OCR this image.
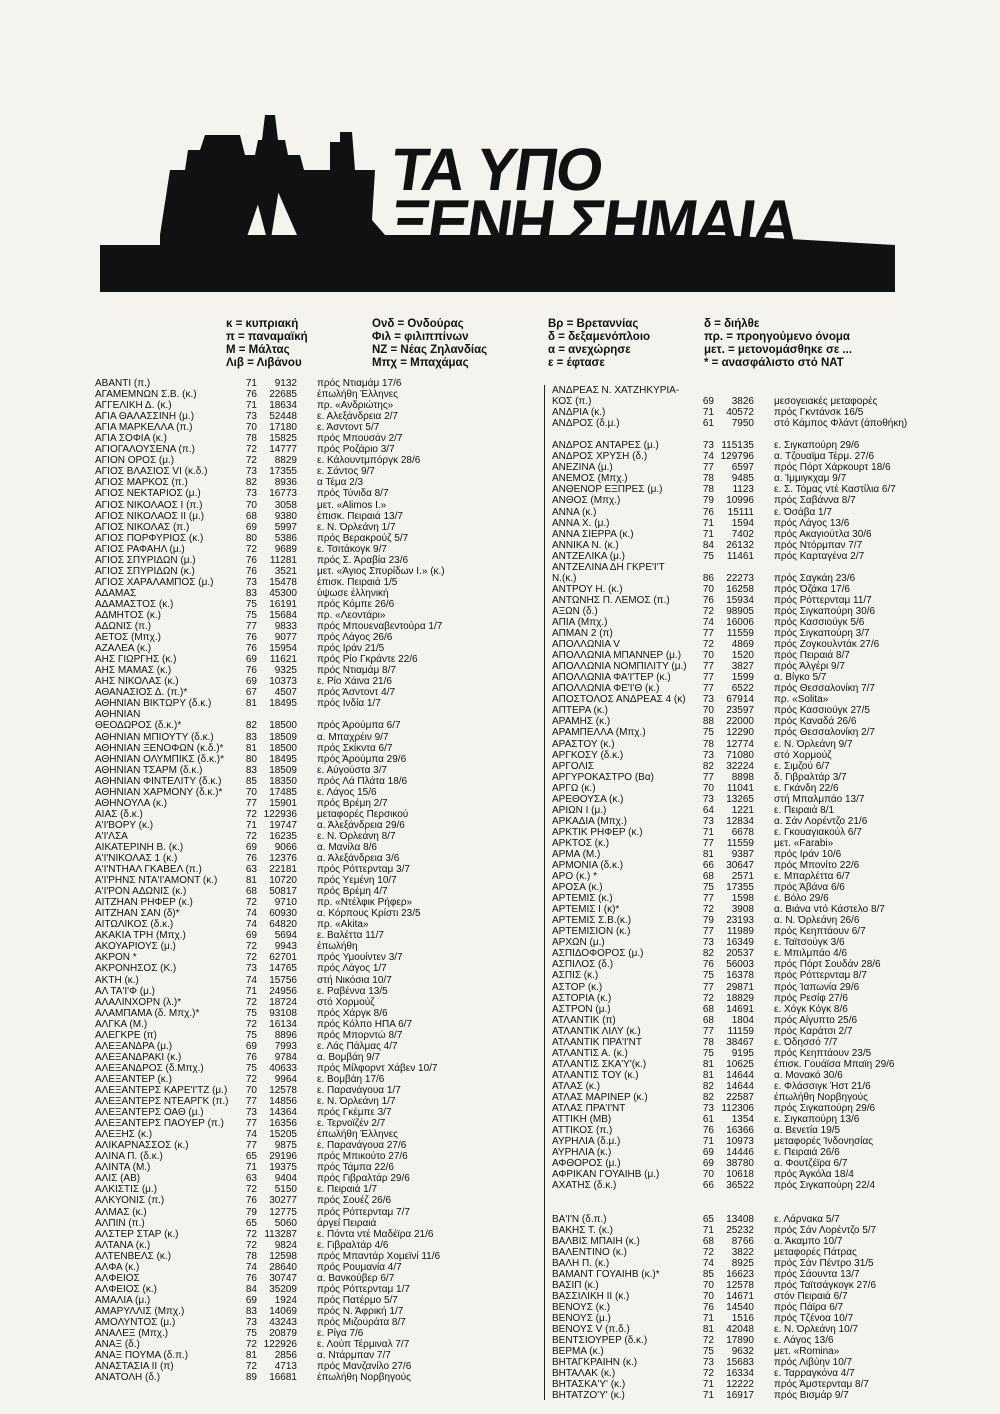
ΤΑ ΥΠΟ
ΞΕΝΗ ΣΗΜΑΙΑ
κ = κυπριακή
π = παναμαϊκή
Μ = Μάλτας
Λιβ = Λιβάνου
Ονδ = Ονδούρας
Φιλ = φιλιππίνων
ΝΖ = Νέας Ζηλανδίας
Μπχ = Μπαχάμας
Βρ = Βρεταννίας
δ = δεξαμενόπλοιο
α = ανεχώρησε
ε = έφτασε
δ = διήλθε
πρ. = προηγούμενο όνομα
μετ. = μετονομάσθηκε σε ...
* = ανασφάλιστο στό ΝΑΤ
ΑΒΑΝΤΙ (π.)	71	9132	πρός Ντιαμάμ 17/6
ΑΓΑΜΕΜΝΩΝ Σ.Β. (κ.)	76	22685	έπωλήθη Έλληνες
ΑΓΓΕΛΙΚΗ Δ. (κ.)	71	18634	πρ. «Ανδριώτης»
ΑΓΙΑ ΘΑΛΑΣΣΙΝΗ (μ.)	73	52448	ε. Αλεξάνδρεια 2/7
ΑΓΙΑ ΜΑΡΚΕΛΛΑ (π.)	70	17180	ε. Άσντοντ 5/7
ΑΓΙΑ ΣΟΦΙΑ (κ.)	78	15825	πρός Μπουσάν 2/7
ΑΓΙΟΓΑΛΟΥΣΕΝΑ (π.)	72	14777	πρός Ροζάριο 3/7
ΑΓΙΟΝ ΟΡΟΣ (μ.)	72	8829	ε. Κάλουντμπόργκ 28/6
ΑΓΙΟΣ ΒΛΑΣΙΟΣ VI (κ.δ.)	73	17355	ε. Σάντος 9/7
ΑΓΙΟΣ ΜΑΡΚΟΣ (π.)	82	8936	α Τέμα 2/3
ΑΓΙΟΣ ΝΕΚΤΑΡΙΟΣ (μ.)	73	16773	πρός Τύνιδα 8/7
ΑΓΙΟΣ ΝΙΚΟΛΑΟΣ Ι (π.)	70	3058	μετ. «Alimos I.»
ΑΓΙΟΣ ΝΙΚΟΛΑΟΣ ΙΙ (μ.)	68	9380	έπισκ. Πειραιά 13/7
ΑΓΙΟΣ ΝΙΚΟΛΑΣ (π.)	69	5997	ε. Ν. Όρλεάνη 1/7
ΑΓΙΟΣ ΠΟΡΦΥΡΙΟΣ (κ.)	80	5386	πρός Βερακρούζ 5/7
ΑΓΙΟΣ ΡΑΦΑΗΛ (μ.)	72	9689	ε. Τσιτάκογκ 9/7
ΑΓΙΟΣ ΣΠΥΡΙΔΩΝ (μ.)	76	11281	πρός Σ. Άραβία 23/6
ΑΓΙΟΣ ΣΠΥΡΙΔΩΝ (κ.)	76	3521	μετ. «Άγιος Σπυρίδων Ι.» (κ.)
ΑΓΙΟΣ ΧΑΡΑΛΑΜΠΟΣ (μ.)	73	15478	έπισκ. Πειραιά 1/5
ΑΔΑΜΑΣ	83	45300	ύψωσε έλληνική
ΑΔΑΜΑΣΤΟΣ (κ.)	75	16191	πρός Κόμπε 26/6
ΑΔΜΗΤΟΣ (κ.)	75	15684	πρ. «Λεοντάρι»
ΑΔΩΝΙΣ (π.)	77	9833	πρός Μπουεναβεντούρα 1/7
ΑΕΤΟΣ (Μπχ.)	76	9077	πρός Λάγος 26/6
ΑΖΑΛΕΑ (κ.)	76	15954	πρός Ιράν 21/5
ΑΗΣ ΓΙΩΡΓΗΣ (κ.)	69	11621	πρός Ρίο Γκράντε 22/6
ΑΗΣ ΜΑΜΑΣ (κ.)	76	9325	πρός Ντιαμάμ 8/7
ΑΗΣ ΝΙΚΟΛΑΣ (κ.)	69	10373	ε. Ρίο Χάινα 21/6
ΑΘΑΝΑΣΙΟΣ Δ. (π.)*	67	4507	πρός Άσντοντ 4/7
ΑΘΗΝΙΑΝ ΒΙΚΤΩΡΥ (δ.κ.)	81	18495	πρός Ινδία 1/7
ΑΘΗΝΙΑΝ
ΘΕΟΔΩΡΟΣ (δ.κ.)*	82	18500	πρός Άρούμπα 6/7
ΑΘΗΝΙΑΝ ΜΠΙΟΥΤΥ (δ.κ.)	83	18509	α. Μπαχρέιν 9/7
ΑΘΗΝΙΑΝ ΞΕΝΟΦΩΝ (κ.δ.)*	81	18500	πρός Σκίκντα 6/7
ΑΘΗΝΙΑΝ ΟΛΥΜΠΙΚΣ (δ.κ.)*	80	18495	πρός Άρούμπα 29/6
ΑΘΗΝΙΑΝ ΤΣΑΡΜ (δ.κ.)	83	18509	ε. Αύγούστα 3/7
ΑΘΗΝΙΑΝ ΦΙΝΤΕΛΙΤΥ (δ.κ.)	85	18350	πρός Λά Πλάτα 18/6
ΑΘΗΝΙΑΝ ΧΑΡΜΟΝΥ (δ.κ.)*	70	17485	ε. Λάγος 15/6
ΑΘΗΝΟΥΛΑ (κ.)	77	15901	πρός Βρέμη 2/7
ΑΙΑΣ (δ.κ.)	72 122936	μεταφορές Περσικού
Α'Ι'ΒΟΡΥ (κ.)	71	19747	α. Άλεξάνδρεια 29/6
Α'Ι'ΛΣΑ	72	16235	ε. Ν. Όρλεάνη 8/7
ΑΙΚΑΤΕΡΙΝΗ Β. (κ.)	69	9066	α. Μανίλα 8/6
Α'Ι'ΝΙΚΟΛΑΣ 1 (κ.)	76	12376	α. Άλεξάνδρεια 3/6
Α'Ι'ΝΤΗΑΛ ΓΚΑΒΕΛ (π.)	63	22181	πρός Ρόττερνταμ 3/7
Α'Ι'ΡΗΝΣ ΝΤΑ'Ι'ΑΜΟΝΤ (κ.)	81	10720	πρός Υεμένη 10/7
Α'Ι'ΡΟΝ ΑΔΩΝΙΣ (κ.)	68	50817	πρός Βρέμη 4/7
ΑΙΤΖΗΑΝ ΡΗΦΕΡ (κ.)	72	9710	πρ. «Ντέλφικ Ρήφερ»
ΑΙΤΖΗΑΝ ΣΑΝ (δ)*	74	60930	α. Κόρπους Κρίστι 23/5
ΑΙΤΩΛΙΚΟΣ (δ.κ.)	74	64820	πρ. «Akita»
ΑΚΑΚΙΑ ΤΡΗ (Μπχ.)	69	5694	ε. Βαλέττα 11/7
ΑΚΟΥΑΡΙΟΥΣ (μ.)	72	9943	έπωλήθη
ΑΚΡΟΝ *	72	62701	πρός Υμουίντεν 3/7
ΑΚΡΟΝΗΣΟΣ (Κ.)	73	14765	πρός Λάγος 1/7
ΑΚΤΗ (κ.)	74	15756	στή Νικόσια 10/7
ΑΛ ΤΑ'Ι'Φ (μ.)	71	24956	ε. Ραβέννα 13/5
ΑΛΑΛΙΝΧΟΡΝ (λ.)*	72	18724	στό Χορμούζ
ΑΛΑΜΠΑΜΑ (δ. Μπχ.)*	75	93108	πρός Χάργκ 8/6
ΑΛΓΚΑ (Μ.)	72	16134	πρός Κόλπο ΗΠΑ 6/7
ΑΛΕΓΚΡΕ (π)	75	8896	πρός Μπορντώ 8/7
ΑΛΕΞΑΝΔΡΑ (μ.)	69	7993	ε. Λάς Πάλμας 4/7
ΑΛΕΞΑΝΔΡΑΚΙ (κ.)	76	9784	α. Βομβάη 9/7
ΑΛΕΞΑΝΔΡΟΣ (δ.Μπχ.)	75	40633	πρός Μίλφορντ Χάβεν 10/7
ΑΛΕΞΑΝΤΕΡ (κ.)	72	9964	ε. Βομβάη 17/6
ΑΛΕΞΑΝΤΕΡΣ ΚΑΡΕ'Ι'ΤΖ (μ.)	70	12578	ε. Παρανάγουα 1/7
ΑΛΕΞΑΝΤΕΡΣ ΝΤΕΑΡΓΚ (π.)	77	14856	ε. Ν. Όρλεάνη 1/7
ΑΛΕΞΑΝΤΕΡΣ ΟΑΘ (μ.)	73	14364	πρός Γκέμπε 3/7
ΑΛΕΞΑΝΤΕΡΣ ΠΑΟΥΕΡ (π.)	77	16356	ε. Τερνοϊζέν 2/7
ΑΛΕΞΗΣ (κ.)	74	15205	έπωλήθη Έλληνες
ΑΛΙΚΑΡΝΑΣΣΟΣ (κ.)	77	9875	ε. Παρανάγουα 27/6
ΑΛΙΝΑ Π. (δ.κ.)	65	29196	πρός Μπικούτο 27/6
ΑΛΙΝΤΑ (Μ.)	71	19375	πρός Τάμπα 22/6
ΑΛΙΣ (ΑΒ)	63	9404	πρός Γιβραλτάρ 29/6
ΑΛΚΙΣΤΙΣ (μ.)	72	5150	ε. Πειραιά 1/7
ΑΛΚΥΟΝΙΣ (π.)	76	30277	πρός Σουέζ 26/6
ΑΛΜΑΣ (κ.)	79	12775	πρός Ρόττερνταμ 7/7
ΑΛΠΙΝ (π.)	65	5060	άργεί Πειραιά
ΑΛΣΤΕΡ ΣΤΑΡ (κ.)	72 113287	ε. Πόντα ντέ Μαδέϊρα 21/6
ΑΛΤΑΝΑ (κ.)	72	9824	ε. Γιβραλτάρ 4/6
ΑΛΤΕΝΒΕΛΣ (κ.)	78	12598	πρός Μπαντάρ Χομεϊνί 11/6
ΑΛΦΑ (κ.)	74	28640	πρός Ρουμανία 4/7
ΑΛΦΕΙΟΣ	76	30747	α. Βανκούβερ 6/7
ΑΛΦΕΙΟΣ (κ.)	84	35209	πρός Ρόττερνταμ 1/7
ΑΜΑΛΙΑ (μ.)	69	1924	πρός Πατέρμο 5/7
ΑΜΑΡΥΛΛΙΣ (Μπχ.)	83	14069	πρός Ν. Άφρική 1/7
ΑΜΟΛΥΝΤΟΣ (μ.)	73	43243	πρός Μιζουράτα 8/7
ΑΝΑΛΕΞ (Μπχ.)	75	20879	ε. Ρίγα 7/6
ΑΝΑΞ (δ.)	72 122926	ε. Λούπ Τέρμιναλ 7/7
ΑΝΑΞ ΠΟΥΜΑ (δ.π.)	81	2856	α. Ντάρμπαν 7/7
ΑΝΑΣΤΑΣΙΑ ΙΙ (π)	72	4713	πρός Μανζανίλο 27/6
ΑΝΑΤΟΛΗ (δ.)	89	16681	έπωλήθη Νορβηγούς
ΑΝΔΡΕΑΣ Ν. ΧΑΤΖΗΚΥΡΙΑ-
ΚΟΣ (π.)	69	3826	μεσογειακές μεταφορές
ΑΝΔΡΙΑ (κ.)	71	40572	πρός Γκντάνσκ 16/5
ΑΝΔΡΟΣ (δ.μ.)	61	7950	στό Κάμπος Φλάντ (άποθήκη)
ΑΝΔΡΟΣ ΑΝΤΑΡΕΣ (μ.)	73 115135	ε. Σιγκαπούρη 29/6
ΑΝΔΡΟΣ ΧΡΥΣΗ (δ.)	74 129796	α. Τζουαϊμα Τέρμ. 27/6
ΑΝΕΖΙΝΑ (μ.)	77	6597	πρός Πόρτ Χάρκουρτ 18/6
ΑΝΕΜΟΣ (Μπχ.)	78	9485	α. Ίμμιγκχαμ 9/7
ΑΝΘΕΝΟΡ ΕΞΠΡΕΣ (μ.)	78	1123	ε. Σ. Τόμας ντέ Καστίλια 6/7
ΑΝΘΟΣ (Μπχ.)	79	10996	πρός Σαβάννα 8/7
ΑΝΝΑ (κ.)	76	15111	ε. Όσάβα 1/7
ΑΝΝΑ Χ. (μ.)	71	1594	πρός Λάγος 13/6
ΑΝΝΑ ΣΙΕΡΡΑ (κ.)	71	7402	πρός Ακαγιούτλα 30/6
ΑΝΝΙΚΑ Ν. (κ.)	84	26132	πρός Ντόρμπαν 7/7
ΑΝΤΖΕΛΙΚΑ (μ.)	75	11461	πρός Καρταγένα 2/7
ΑΝΤΖΕΛΙΝΑ ΔΗ ΓΚΡΕ'Ι'Τ
Ν.(κ.)	86	22273	πρός Σαγκάη 23/6
ΑΝΤΡΟΥ Η. (κ.)	70	16258	πρός Όζάκα 17/6
ΑΝΤΩΝΗΣ Π. ΛΕΜΟΣ (π.)	76	15934	πρός Ρόττερνταμ 11/7
ΑΞΩΝ (δ.)	72	98905	πρός Σιγκαπούρη 30/6
ΑΠΙΑ (Μπχ.)	74	16006	πρός Κασσιούγκ 5/6
ΑΠΜΑΝ 2 (π)	77	11559	πρός Σιγκαπούρη 3/7
ΑΠΟΛΛΩΝΙΑ V	72	4869	πρός Ζογκουλντάκ 27/6
ΑΠΟΛΛΩΝΙΑ ΜΠΑΝΝΕΡ (μ.)	70	1520	πρός Πειραιά 8/7
ΑΠΟΛΛΩΝΙΑ ΝΟΜΠΙΛΙΤΥ (μ.)	77	3827	πρός Άλγέρι 9/7
ΑΠΟΛΛΩΝΙΑ ΦΑ'Ι'ΤΕΡ (κ.)	77	1599	α. Βίγκο 5/7
ΑΠΟΛΛΩΝΙΑ ΦΕ'Ι'Θ (κ.)	77	6522	πρός Θεσσαλονίκη 7/7
ΑΠΟΣΤΟΛΟΣ ΑΝΔΡΕΑΣ 4 (κ)	73	67914	πρ. «Solita»
ΑΠΤΕΡΑ (κ.)	70	23597	πρός Κασσιούγκ 27/5
ΑΡΑΜΗΣ (κ.)	88	22000	πρός Καναδά 26/6
ΑΡΑΜΠΕΛΛΑ (Μπχ.)	75	12290	πρός Θεσσαλονίκη 2/7
ΑΡΑΣΤΟΥ (κ.)	78	12774	ε. Ν. Όρλεάνη 9/7
ΑΡΓΚΟΣΥ (δ.κ.)	73	71080	στό Χορμούζ
ΑΡΓΟΛΙΣ	82	32224	ε. Σιμζού 6/7
ΑΡΓΥΡΟΚΑΣΤΡΟ (Βα)	77	8898	δ. Γιβραλτάρ 3/7
ΑΡΓΩ (κ.)	70	11041	ε. Γκάνδη 22/6
ΑΡΕΘΟΥΣΑ (κ.)	73	13265	στή Μπαλμπάο 13/7
ΑΡΙΩΝ Ι (μ.)	64	1221	ε. Πειραιά 8/1
ΑΡΚΑΔΙΑ (Μπχ.)	73	12834	α. Σάν Λορέντζο 21/6
ΑΡΚΤΙΚ ΡΗΦΕΡ (κ.)	71	6678	ε. Γκουαγιακούλ 6/7
ΑΡΚΤΟΣ (κ.)	77	11559	μετ. «Farabi»
ΑΡΜΑ (Μ.)	81	9387	πρός Ιράν 10/6
ΑΡΜΟΝΙΑ (δ.κ.)	66	30647	πρός Μπονίτο 22/6
ΑΡΟ (κ.) *	68	2571	ε. Μπαρλέττα 6/7
ΑΡΟΣΑ (κ.)	75	17355	πρός Άβάνα 6/6
ΑΡΤΕΜΙΣ (κ.)	77	1598	ε. Βόλο 29/6
ΑΡΤΕΜΙΣ Ι (κ)*	72	3908	α. Βιάνα ντό Κάστελο 8/7
ΑΡΤΕΜΙΣ Σ.Β.(κ.)	79	23193	α. Ν. Όρλεάνη 26/6
ΑΡΤΕΜΙΣΙΟΝ (κ.)	77	11989	πρός Κεηπτάουν 6/7
ΑΡΧΩΝ (μ.)	73	16349	ε. Ταϊτσούγκ 3/6
ΑΣΠΙΔΟΦΟΡΟΣ (μ.)	82	20537	ε. Μπιλμπάο 4/6
ΑΣΠΙΛΟΣ (δ.)	76	56003	πρός Πόρτ Σουδάν 28/6
ΑΣΠΙΣ (κ.)	75	16378	πρός Ρόττερνταμ 8/7
ΑΣΤΟΡ (κ.)	77	29871	πρός Ίαπωνία 29/6
ΑΣΤΟΡΙΑ (κ.)	72	18829	πρός Ρεσίφ 27/6
ΑΣΤΡΟΝ (μ.)	68	14691	ε. Χόγκ Κόγκ 8/6
ΑΤΛΑΝΤΙΚ (π)	68	1804	πρός Αίγυπτο 25/6
ΑΤΛΑΝΤΙΚ ΛΙΛΥ (κ.)	77	11159	πρός Καράτσι 2/7
ΑΤΛΑΝΤΙΚ ΠΡΑ'Ι'ΝΤ	78	38467	ε. Όδησσό 7/7
ΑΤΛΑΝΤΙΣ Α. (κ.)	75	9195	πρός Κεηπτάουν 23/5
ΑΤΛΑΝΤΙΣ ΣΚΑ'Υ'(κ.)	81	10625	έπισκ. Γουάϊσα Μπαϊη 29/6
ΑΤΛΑΝΤΙΣ ΤΟΥ (κ.)	81	14644	α. Μονακό 30/6
ΑΤΛΑΣ (κ.)	82	14644	ε. Φλάσσιγκ Ήστ 21/6
ΑΤΛΑΣ ΜΑΡΙΝΕΡ (κ.)	82	22587	έπωλήθη Νορβηγούς
ΑΤΛΑΣ ΠΡΑ'Ι'ΝΤ	73 112306	πρός Σιγκαπούρη 29/6
ΑΤΤΙΚΗ (ΜΒ)	61	1354	ε. Σιγκαπούρη 13/6
ΑΤΤΙΚΟΣ (π.)	76	16366	α. Βενετία 19/5
ΑΥΡΗΛΙΑ (δ.μ.)	71	10973	μεταφορές Ίνδονησίας
ΑΥΡΗΛΙΑ (κ.)	69	14446	ε. Πειραιά 26/6
ΑΦΘΟΡΟΣ (μ.)	69	38780	α. Φουτζέϊρα 6/7
ΑΦΡΙΚΑΝ ΓΟΥΑΙΗΒ (μ.)	70	10618	πρός Άγκόλα 18/4
ΑΧΑΤΗΣ (δ.κ.)	66	36522	πρός Σιγκαπούρη 22/4
ΒΑ'Ι'Ν (δ.π.)	65	13408	ε. Λάρνακα 5/7
ΒΑΚΗΣ Τ. (κ.)	71	25232	πρός Σάν Λορέντζο 5/7
ΒΑΛΒΙΣ ΜΠΑΙΗ (κ.)	68	8766	α. Άκαμπο 10/7
ΒΑΛΕΝΤΙΝΟ (κ.)	72	3822	μεταφορές Πάτρας
ΒΑΛΗ Π. (κ.)	74	8925	πρός Σάν Πέντρο 31/5
ΒΑΜΑΝΤ ΓΟΥΑΙΗΒ (κ.)*	85	16623	πρός Σάουντα 13/7
ΒΑΣΙΠ (κ.)	70	12578	πρός Ταϊτσάγκογκ 27/6
ΒΑΣΣΙΛΙΚΗ ΙΙ (κ.)	70	14671	στόν Πειραιά 6/7
ΒΕΝΟΥΣ (κ.)	76	14540	πρός Πάϊρα 6/7
ΒΕΝΟΥΣ (μ.)	71	1516	πρός Τζένοα 10/7
ΒΕΝΟΥΣ V (π.δ.)	81	42048	ε. Ν. Όρλεάνη 10/7
ΒΕΝΤΣΙΟΥΡΕΡ (δ.κ.)	72	17890	ε. Λάγος 13/6
ΒΕΡΜΑ (κ.)	75	9632	μετ. «Romina»
ΒΗΤΑΓΚΡΑΙΗΝ (κ.)	73	15683	πρός Λιβύην 10/7
ΒΗΤΑΛΑΚ (κ.)	72	16334	ε. Ταρραγκόνα 4/7
ΒΗΤΑΣΚΑ'Υ' (κ.)	71	12222	πρός Άμστερνταμ 8/7
ΒΗΤΑΤΖΟ'Υ' (κ.)	71	16917	πρός Βισμάρ 9/7
